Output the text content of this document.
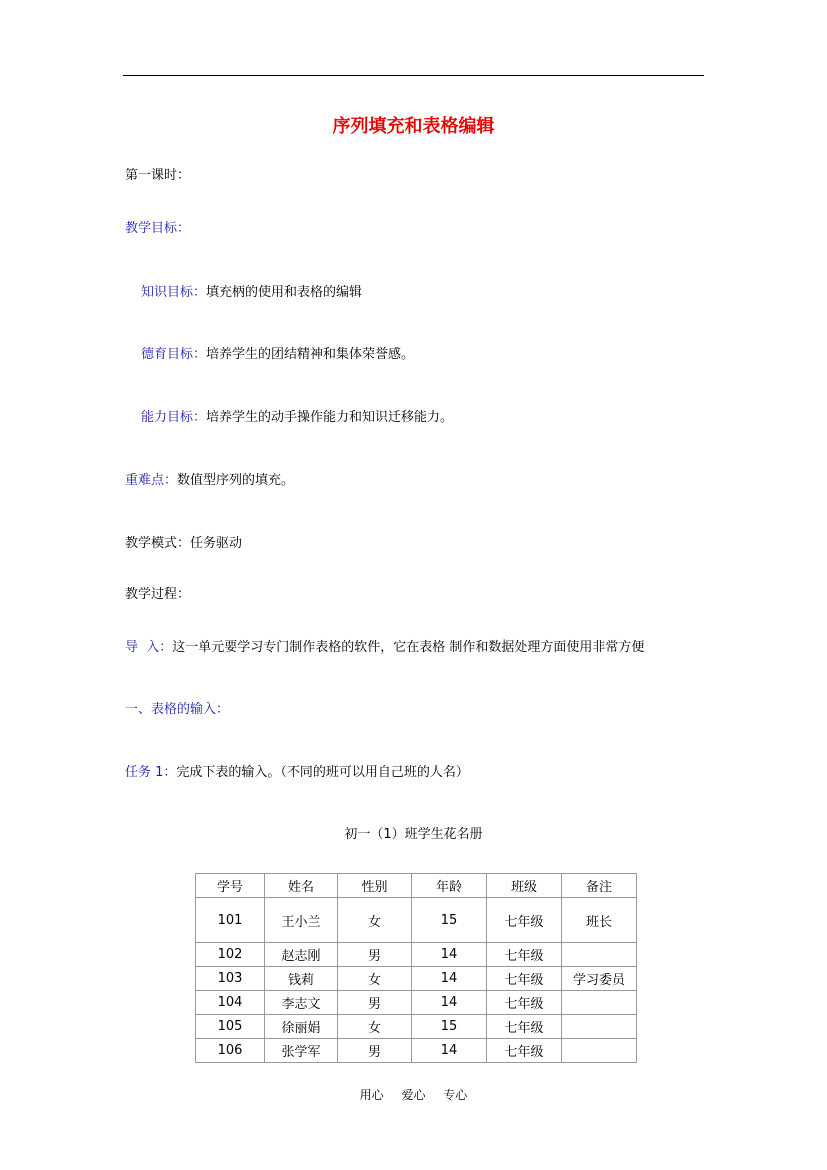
序列填充和表格编辑
第一课时：
教学目标：
知识目标：填充柄的使用和表格的编辑
德育目标：培养学生的团结精神和集体荣誉感。
能力目标：培养学生的动手操作能力和知识迁移能力。
重难点：数值型序列的填充。
教学模式：任务驱动
教学过程：
导  入：这一单元要学习专门制作表格的软件，它在表格 制作和数据处理方面使用非常方便
一、表格的输入：
任务 1：完成下表的输入。（不同的班可以用自己班的人名）
初一（1）班学生花名册
学号	姓名	性别	年龄	班级	备注
101	王小兰	女	15	七年级	班长
102	赵志刚	男	14	七年级	
103	钱莉	女	14	七年级	学习委员
104	李志文	男	14	七年级	
105	徐丽娟	女	15	七年级	
106	张学军	男	14	七年级	
用心 爱心 专心
